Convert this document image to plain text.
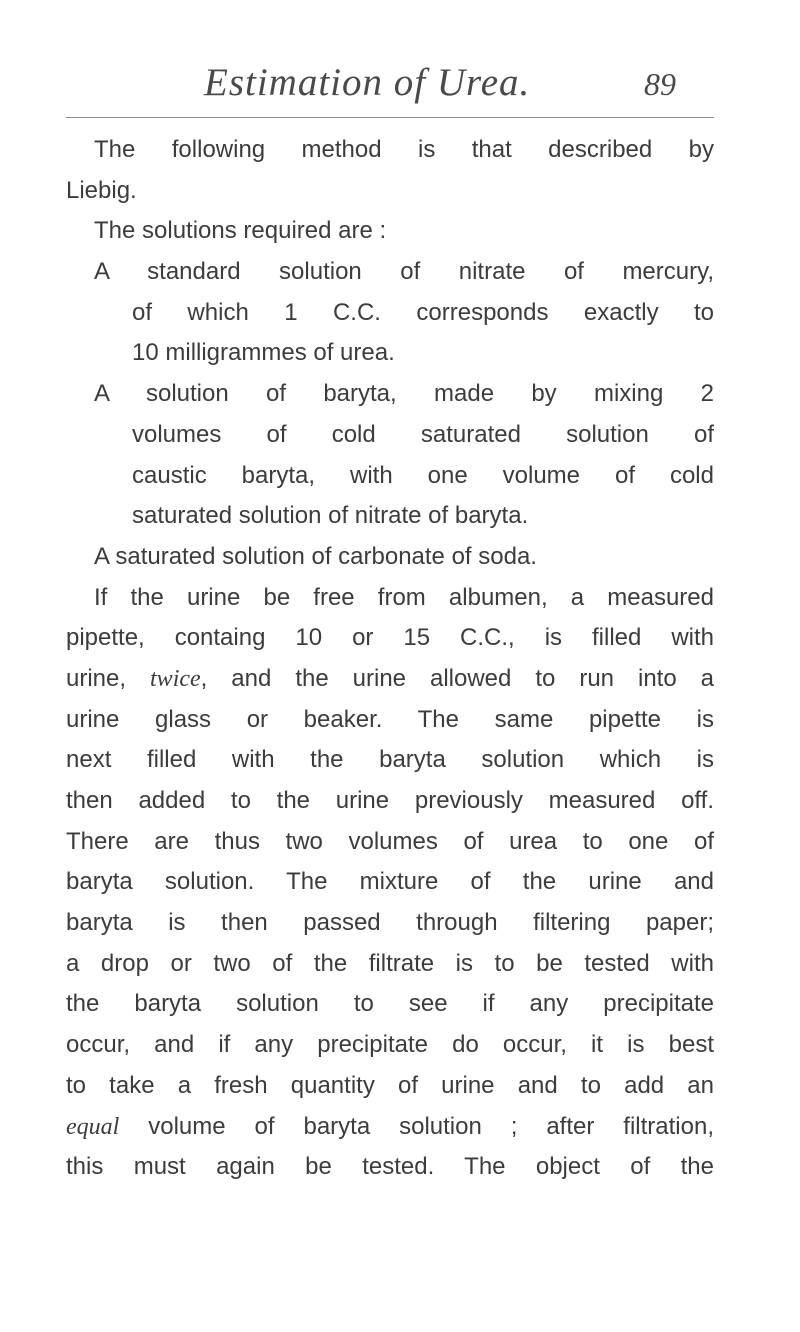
Estimation of Urea.	89
The following method is that described by
Liebig.
The solutions required are :
A standard solution of nitrate of mercury,
of which 1 C.C. corresponds exactly to
10 milligrammes of urea.
A solution of baryta, made by mixing 2
volumes of cold saturated solution of
caustic baryta, with one volume of cold
saturated solution of nitrate of baryta.
A saturated solution of carbonate of soda.
If the urine be free from albumen, a measured
pipette, containg 10 or 15 C.C., is filled with
urine, twice, and the urine allowed to run into a
urine glass or beaker. The same pipette is
next filled with the baryta solution which is
then added to the urine previously measured off.
There are thus two volumes of urea to one of
baryta solution. The mixture of the urine and
baryta is then passed through filtering paper;
a drop or two of the filtrate is to be tested with
the baryta solution to see if any precipitate
occur, and if any precipitate do occur, it is best
to take a fresh quantity of urine and to add an
equal volume of baryta solution ; after filtration,
this must again be tested. The object of the
